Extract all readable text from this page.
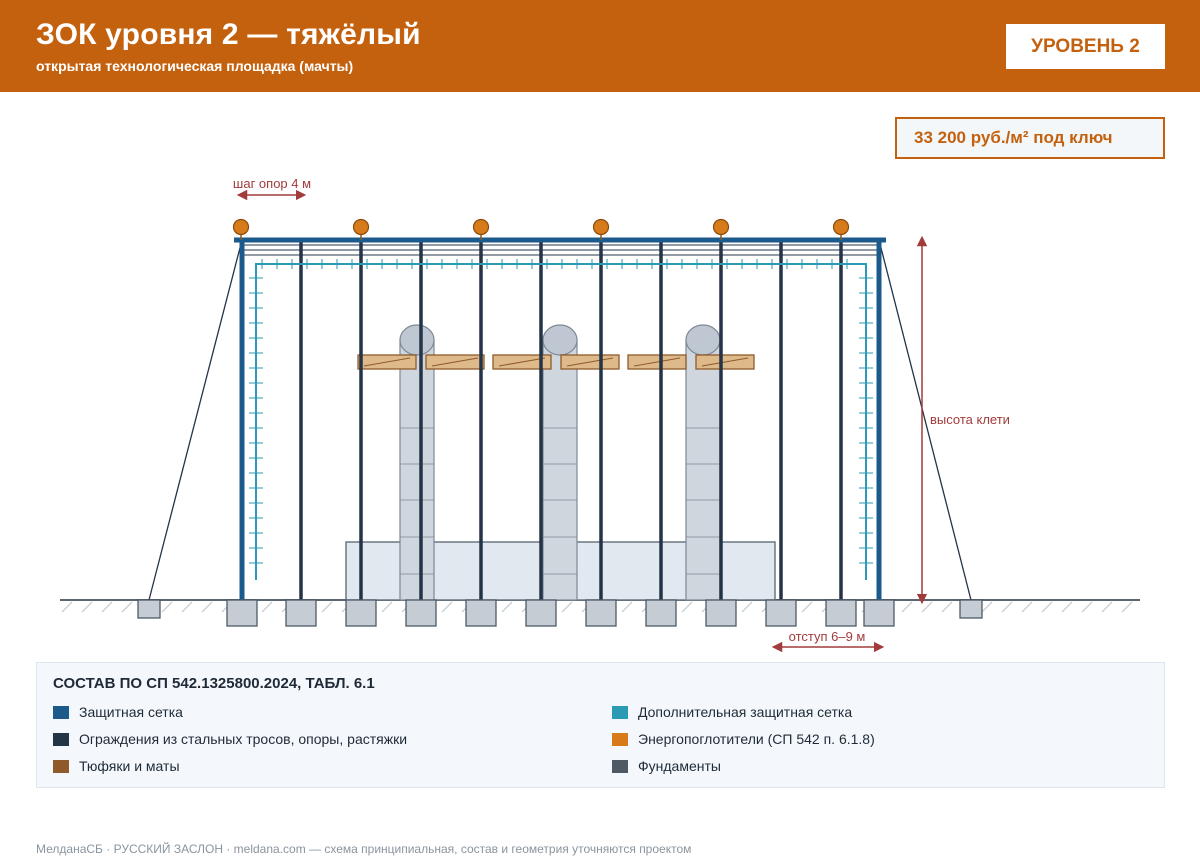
ЗОК уровня 2 — тяжёлый
открытая технологическая площадка (мачты)
УРОВЕНЬ 2
33 200 руб./м² под ключ
шаг опор 4 м
высота клети
отступ 6–9 м
СОСТАВ ПО СП 542.1325800.2024, ТАБЛ. 6.1
Защитная сетка	Дополнительная защитная сетка
Ограждения из стальных тросов, опоры, растяжки	Энергопоглотители (СП 542 п. 6.1.8)
Тюфяки и маты	Фундаменты
МелданаСБ · РУССКИЙ ЗАСЛОН · meldana.com — схема принципиальная, состав и геометрия уточняются проектом
